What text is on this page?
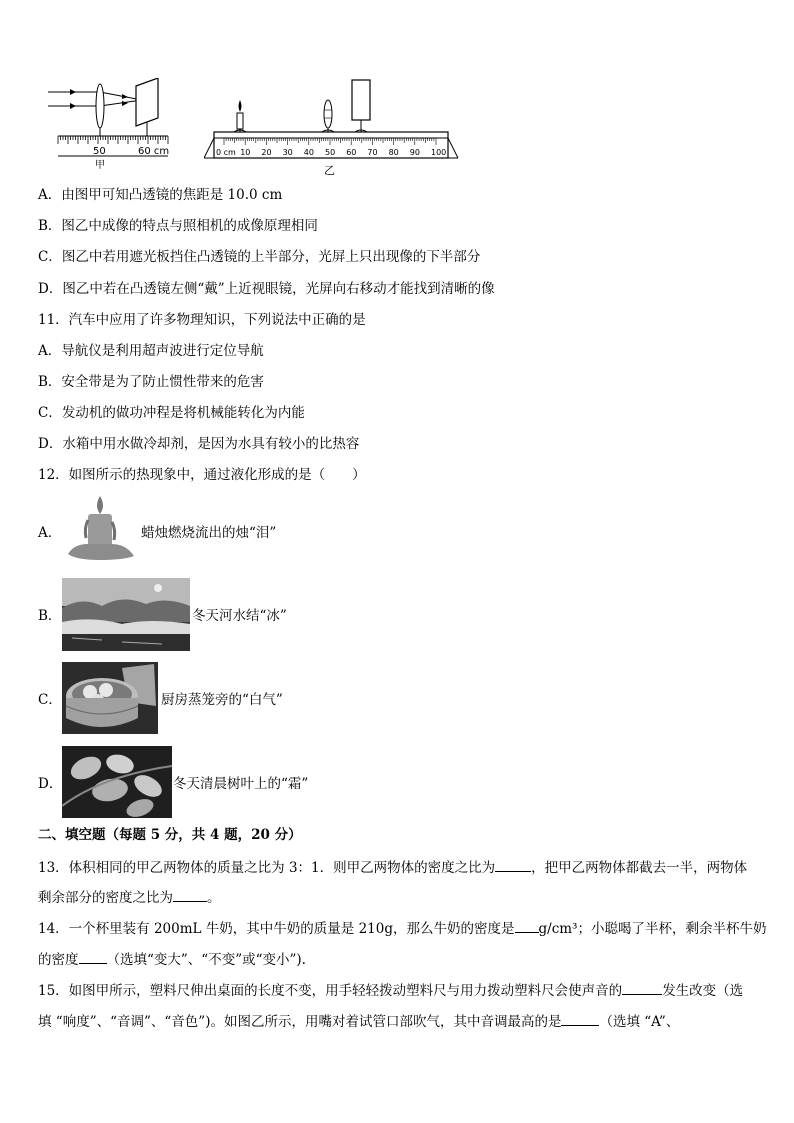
50	60 cm
甲
0 cm 10 20 30 40 50 60 70 80 90 100
乙
A．由图甲可知凸透镜的焦距是 10.0 cm
B．图乙中成像的特点与照相机的成像原理相同
C．图乙中若用遮光板挡住凸透镜的上半部分，光屏上只出现像的下半部分
D．图乙中若在凸透镜左侧“戴”上近视眼镜，光屏向右移动才能找到清晰的像
11．汽车中应用了许多物理知识，下列说法中正确的是
A．导航仪是利用超声波进行定位导航
B．安全带是为了防止惯性带来的危害
C．发动机的做功冲程是将机械能转化为内能
D．水箱中用水做冷却剂，是因为水具有较小的比热容
12．如图所示的热现象中，通过液化形成的是（　　）
A．	蜡烛燃烧流出的烛“泪”
B．	冬天河水结“冰”
C．	厨房蒸笼旁的“白气”
D．	冬天清晨树叶上的“霜”
二、填空题（每题 5 分，共 4 题，20 分）
13．体积相同的甲乙两物体的质量之比为 3：1．则甲乙两物体的密度之比为	，把甲乙两物体都截去一半，两物体
剩余部分的密度之比为	。
14．一个杯里装有 200mL 牛奶，其中牛奶的质量是 210g，那么牛奶的密度是 g/cm³；小聪喝了半杯，剩余半杯牛奶
的密度 （选填“变大”、“不变”或“变小”).
15．如图甲所示，塑料尺伸出桌面的长度不变，用手轻轻拨动塑料尺与用力拨动塑料尺会使声音的	发生改变（选
填 “响度”、“音调”、“音色”)。如图乙所示，用嘴对着试管口部吹气，其中音调最高的是	（选填 “A”、
